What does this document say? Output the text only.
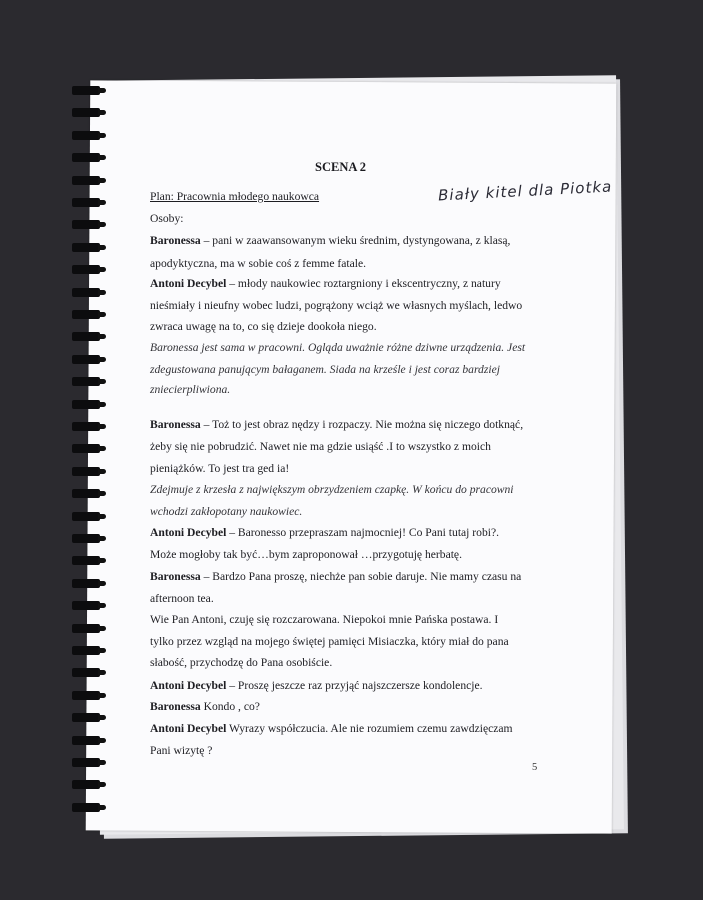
SCENA 2
Biały kitel dla Piotka
Plan: Pracownia młodego naukowca
Osoby:
Baronessa – pani w zaawansowanym wieku średnim, dystyngowana, z klasą,
apodyktyczna, ma w sobie coś z femme fatale.
Antoni Decybel – młody naukowiec roztargniony i ekscentryczny, z natury
nieśmiały i nieufny wobec ludzi, pogrążony wciąż we własnych myślach, ledwo
zwraca uwagę na to, co się dzieje dookoła niego.
Baronessa jest sama w pracowni. Ogląda uważnie różne dziwne urządzenia. Jest
zdegustowana panującym bałaganem. Siada na krześle i jest coraz bardziej
zniecierpliwiona.
Baronessa – Toż to jest obraz nędzy i rozpaczy. Nie można się niczego dotknąć,
żeby się nie pobrudzić. Nawet nie ma gdzie usiąść .I to wszystko z moich
pieniążków. To jest tra ged ia!
Zdejmuje z krzesła z największym obrzydzeniem czapkę. W końcu do pracowni
wchodzi zakłopotany naukowiec.
Antoni Decybel – Baronesso przepraszam najmocniej! Co Pani tutaj robi?.
Może mogłoby tak być…bym zaproponował …przygotuję herbatę.
Baronessa – Bardzo Pana proszę, niechże pan sobie daruje. Nie mamy czasu na
afternoon tea.
Wie Pan Antoni, czuję się rozczarowana. Niepokoi mnie Pańska postawa. I
tylko przez wzgląd na mojego świętej pamięci Misiaczka, który miał do pana
słabość, przychodzę do Pana osobiście.
Antoni Decybel – Proszę jeszcze raz przyjąć najszczersze kondolencje.
Baronessa Kondo , co?
Antoni Decybel Wyrazy współczucia. Ale nie rozumiem czemu zawdzięczam
Pani wizytę ?
5
